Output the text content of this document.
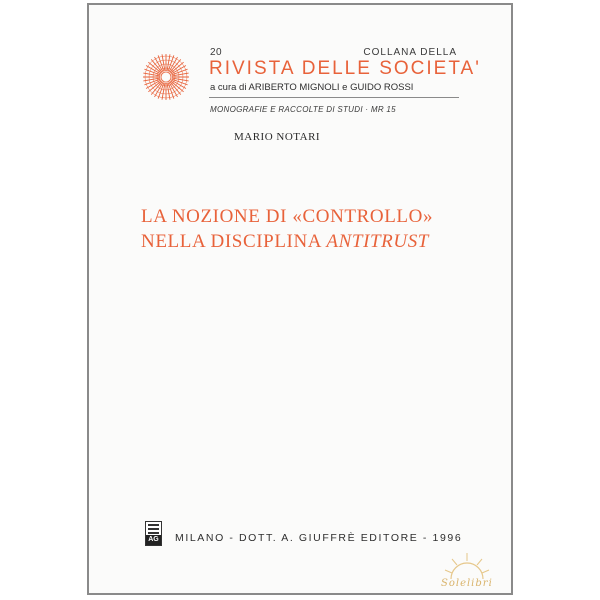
20	COLLANA DELLA
RIVISTA DELLE SOCIETA'
a cura di ARIBERTO MIGNOLI e GUIDO ROSSI
MONOGRAFIE E RACCOLTE DI STUDI · MR 15
MARIO NOTARI
LA NOZIONE DI «CONTROLLO»
NELLA DISCIPLINA ANTITRUST
AG MILANO - DOTT. A. GIUFFRÈ EDITORE - 1996
Solelibri
